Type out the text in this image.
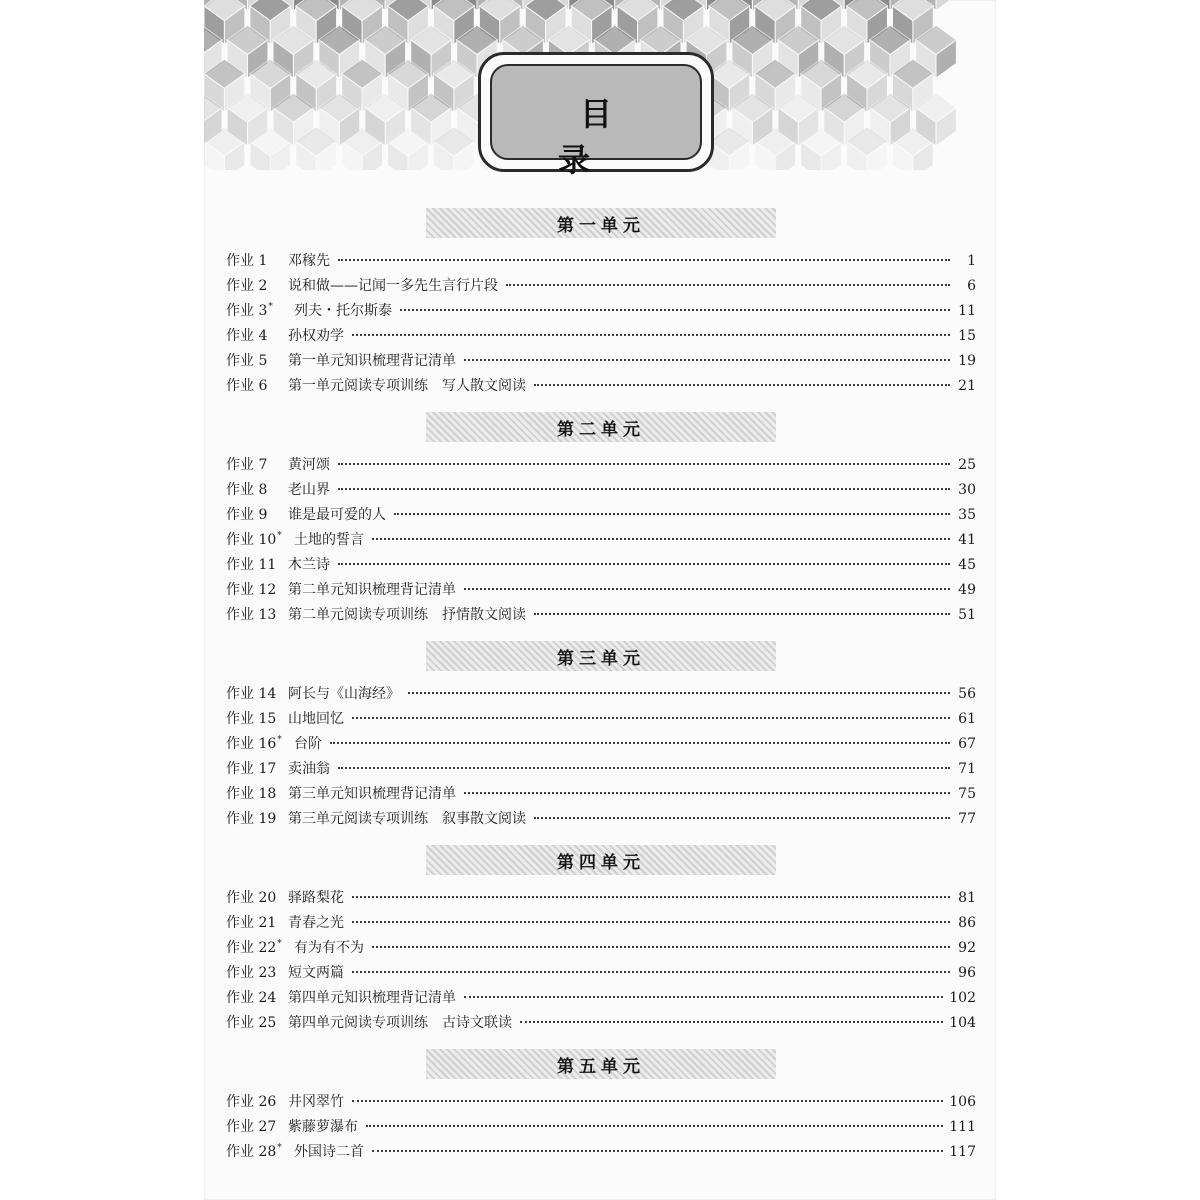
目 录
第一单元
作业 1	邓稼先	1
作业 2	说和做——记闻一多先生言行片段	6
作业 3*	列夫・托尔斯泰	11
作业 4	孙权劝学	15
作业 5	第一单元知识梳理背记清单	19
作业 6	第一单元阅读专项训练　写人散文阅读	21
第二单元
作业 7	黄河颂	25
作业 8	老山界	30
作业 9	谁是最可爱的人	35
作业 10* 土地的誓言	41
作业 11 木兰诗	45
作业 12 第二单元知识梳理背记清单	49
作业 13 第二单元阅读专项训练　抒情散文阅读	51
第三单元
作业 14 阿长与《山海经》	56
作业 15 山地回忆	61
作业 16* 台阶	67
作业 17 卖油翁	71
作业 18 第三单元知识梳理背记清单	75
作业 19 第三单元阅读专项训练　叙事散文阅读	77
第四单元
作业 20 驿路梨花	81
作业 21 青春之光	86
作业 22* 有为有不为	92
作业 23 短文两篇	96
作业 24 第四单元知识梳理背记清单	102
作业 25 第四单元阅读专项训练　古诗文联读	104
第五单元
作业 26 井冈翠竹	106
作业 27 紫藤萝瀑布	111
作业 28* 外国诗二首	117
